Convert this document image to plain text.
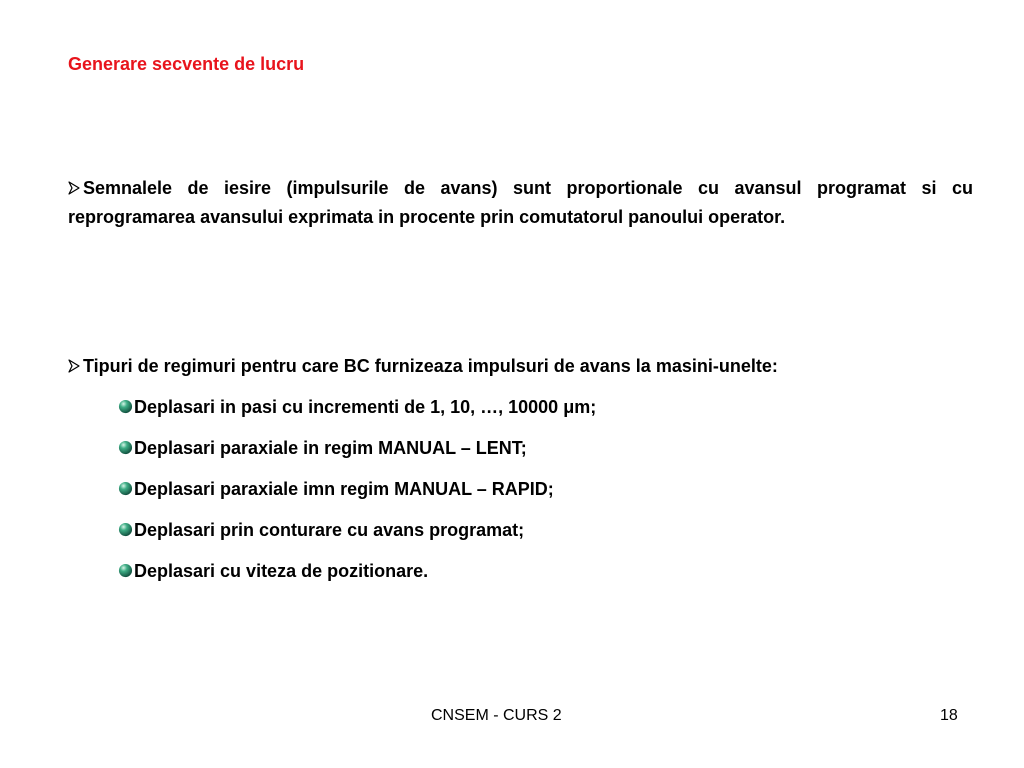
Generare secvente de lucru

Semnalele de iesire (impulsurile de avans) sunt proportionale cu avansul programat si cu reprogramarea avansului exprimata in procente prin comutatorul panoului operator.

Tipuri de regimuri pentru care BC furnizeaza impulsuri de avans la masini-unelte:

Deplasari in pasi cu incrementi de 1, 10, …, 10000 μm;
Deplasari paraxiale in regim MANUAL – LENT;
Deplasari paraxiale imn regim MANUAL – RAPID;
Deplasari prin conturare cu avans programat;
Deplasari cu viteza de pozitionare.
CNSEM - CURS 2	18
